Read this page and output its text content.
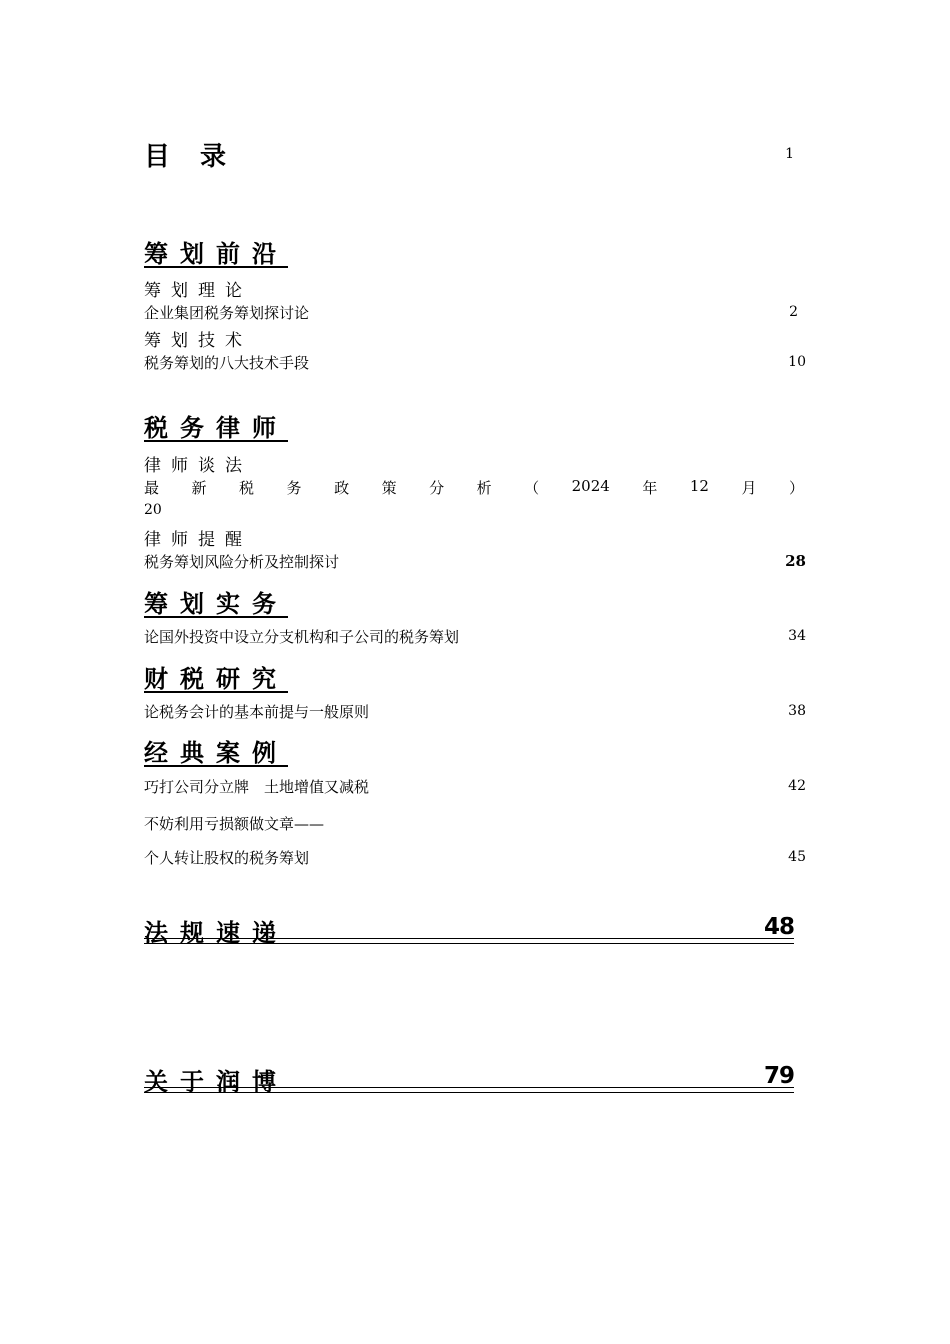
目　录	1
筹划前沿
筹划理论
企业集团税务筹划探讨论	2
筹划技术
税务筹划的八大技术手段	10
税务律师
律师谈法
最 新 税 务 政 策 分 析 （ 2024 年 12 月 ）
20
律师提醒
税务筹划风险分析及控制探讨	28
筹划实务
论国外投资中设立分支机构和子公司的税务筹划	34
财税研究
论税务会计的基本前提与一般原则	38
经典案例
巧打公司分立牌　土地增值又减税	42
不妨利用亏损额做文章——
个人转让股权的税务筹划	45
法规速递	48
关于润博	79
